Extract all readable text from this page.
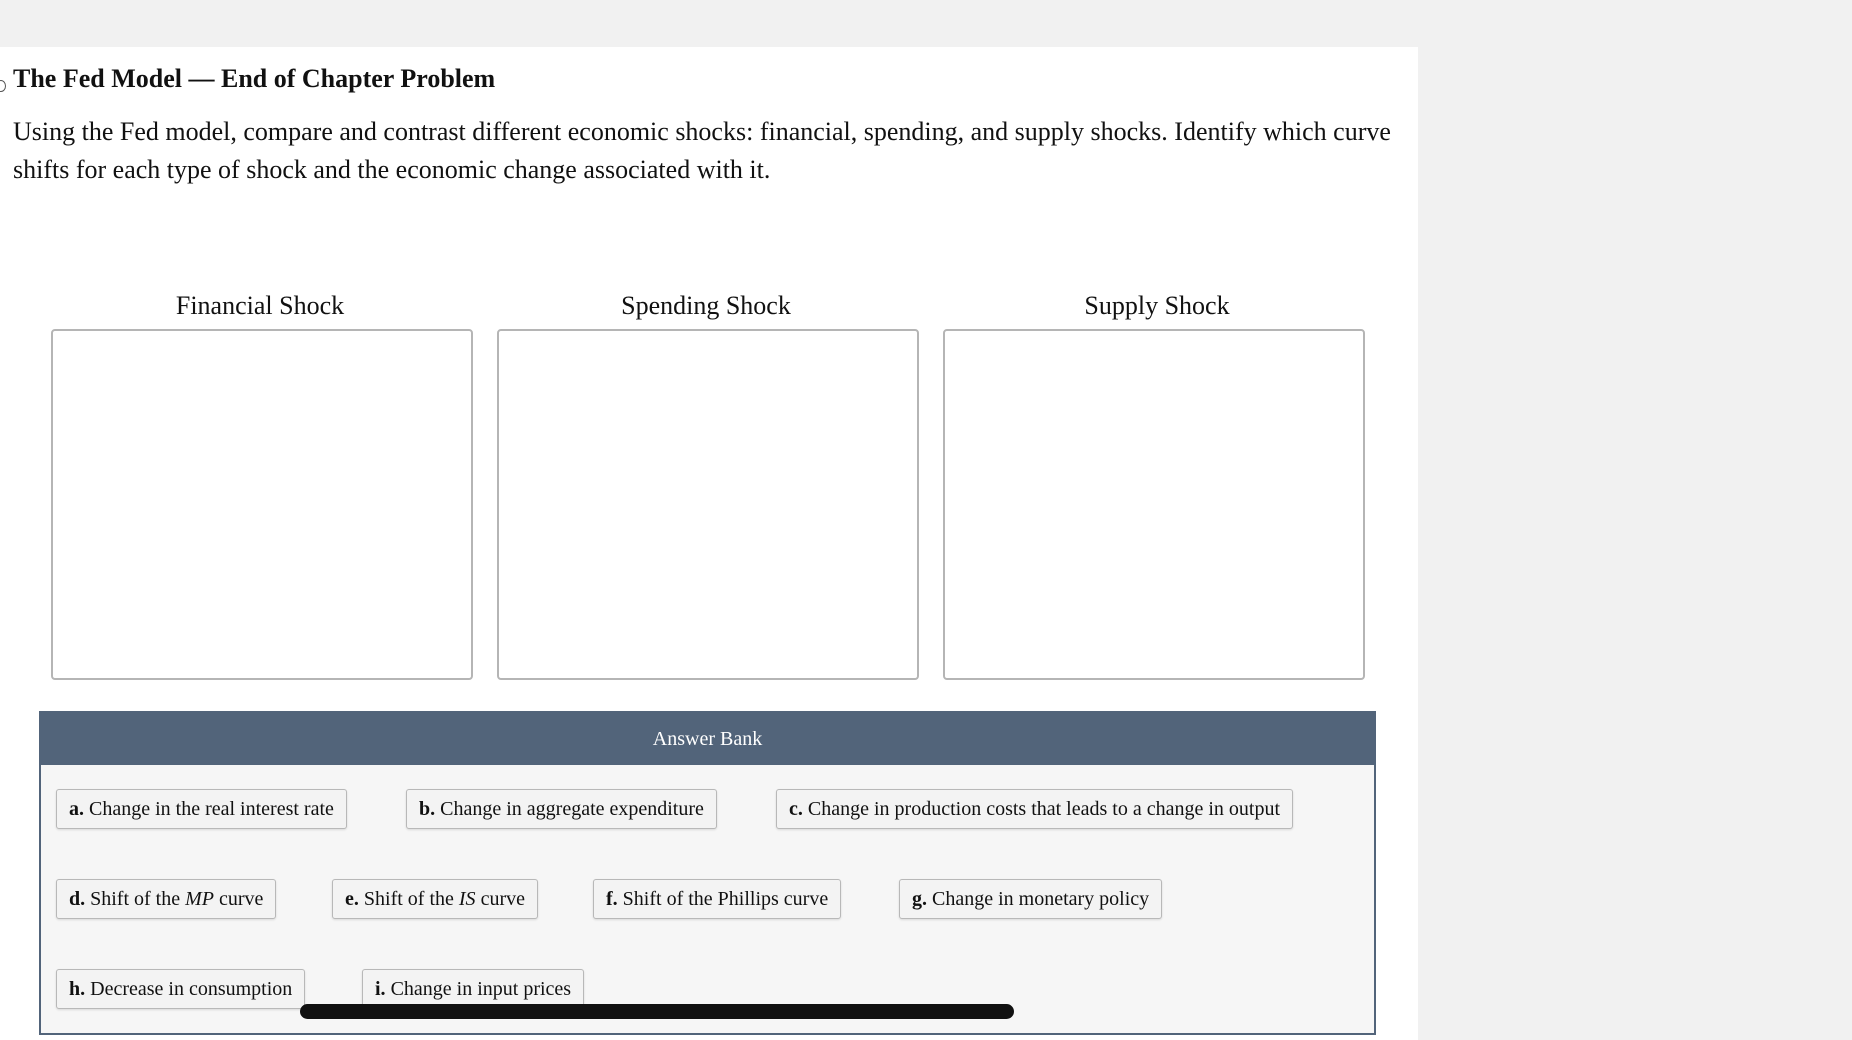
The Fed Model — End of Chapter Problem

Using the Fed model, compare and contrast different economic shocks: financial, spending, and supply shocks. Identify which curve shifts for each type of shock and the economic change associated with it.

Financial Shock	Spending Shock	Supply Shock
Answer Bank
a. Change in the real interest rate	b. Change in aggregate expenditure	c. Change in production costs that leads to a change in output
d. Shift of the MP curve	e. Shift of the IS curve	f. Shift of the Phillips curve	g. Change in monetary policy
h. Decrease in consumption	i. Change in input prices
